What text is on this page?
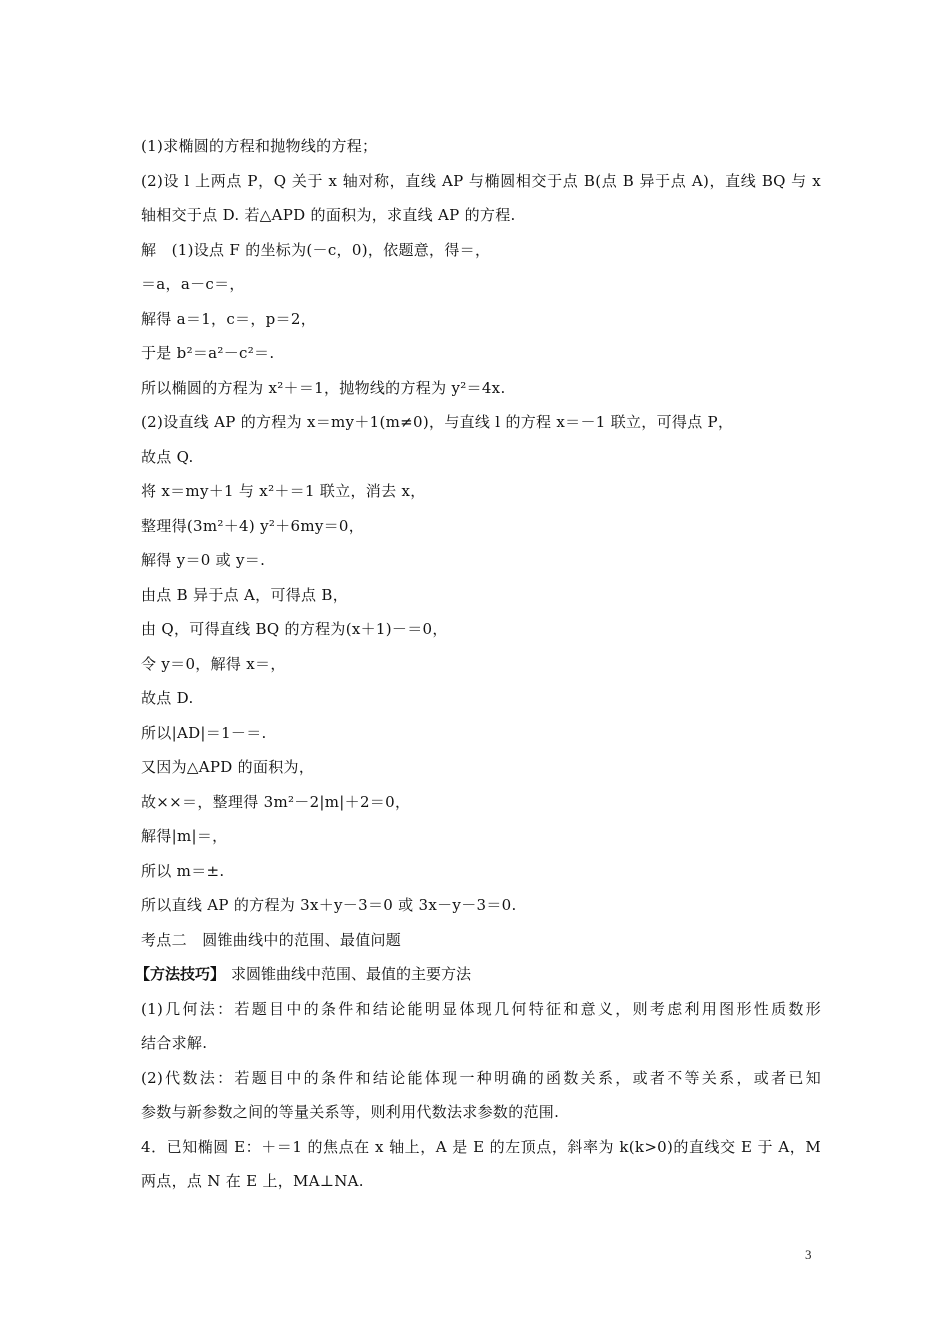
(1)求椭圆的方程和抛物线的方程；
(2)设 l 上两点 P，Q 关于 x 轴对称，直线 AP 与椭圆相交于点 B(点 B 异于点 A)，直线 BQ 与 x
轴相交于点 D. 若△APD 的面积为，求直线 AP 的方程.
解　(1)设点 F 的坐标为(－c，0)，依题意，得＝，
＝a，a－c＝，
解得 a＝1，c＝，p＝2，
于是 b²＝a²－c²＝.
所以椭圆的方程为 x²＋＝1，抛物线的方程为 y²＝4x.
(2)设直线 AP 的方程为 x＝my＋1(m≠0)，与直线 l 的方程 x＝－1 联立，可得点 P，
故点 Q.
将 x＝my＋1 与 x²＋＝1 联立，消去 x，
整理得(3m²＋4) y²＋6my＝0，
解得 y＝0 或 y＝.
由点 B 异于点 A，可得点 B，
由 Q，可得直线 BQ 的方程为(x＋1)－＝0，
令 y＝0，解得 x＝，
故点 D.
所以|AD|＝1－＝.
又因为△APD 的面积为，
故××＝，整理得 3m²－2|m|＋2＝0，
解得|m|＝，
所以 m＝±.
所以直线 AP 的方程为 3x＋y－3＝0 或 3x－y－3＝0.
考点二　圆锥曲线中的范围、最值问题
【方法技巧】 求圆锥曲线中范围、最值的主要方法
(1)几何法：若题目中的条件和结论能明显体现几何特征和意义，则考虑利用图形性质数形
结合求解.
(2)代数法：若题目中的条件和结论能体现一种明确的函数关系，或者不等关系，或者已知
参数与新参数之间的等量关系等，则利用代数法求参数的范围.
4．已知椭圆 E：＋＝1 的焦点在 x 轴上，A 是 E 的左顶点，斜率为 k(k>0)的直线交 E 于 A，M
两点，点 N 在 E 上，MA⊥NA.
3
